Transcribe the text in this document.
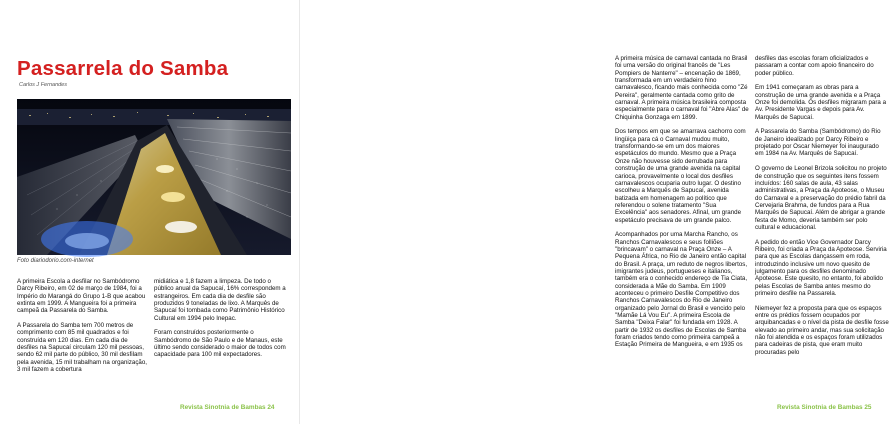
Passarrela do Samba
Carlos J Fernandes
Foto diariodorio.com-internet

A primeira Escola a desfilar no Sambódromo Darcy Ribeiro, em 02 de março de 1984, foi a Império do Marangá do Grupo 1-B que acabou extinta em 1999. A Mangueira foi a primeira campeã da Passarela do Samba.

A Passarela do Samba tem 700 metros de comprimento com 85 mil quadrados e foi construída em 120 dias. Em cada dia de desfiles na Sapucaí circulam 120 mil pessoas, sendo 62 mil parte do público, 30 mil desfilam pela avenida, 15 mil trabalham na organização, 3 mil fazem a cobertura

midiática e 1,8 fazem a limpeza. De todo o público anual da Sapucaí, 16% correspondem a estrangeiros. Em cada dia de desfile são produzidos 9 toneladas de lixo. A Marquês de Sapucaí foi tombada como Patrimônio Histórico Cultural em 1994 pelo Inepac.

Foram construídos posteriormente o Sambódromo de São Paulo e de Manaus, este último sendo considerado o maior de todos com capacidade para 100 mil expectadores.

Revista Sinotnia de Bambas 24

A primeira música de carnaval cantada no Brasil foi uma versão do original francês de "Les Pompiers de Nanterre" – encenação de 1869, transformada em um verdadeiro hino carnavalesco, ficando mais conhecida como "Zé Pereira", geralmente cantada como grito de carnaval. A primeira música brasileira composta especialmente para o carnaval foi "Abre Alas" de Chiquinha Gonzaga em 1899.

Dos tempos em que se amarrava cachorro com lingüiça para cá o Carnaval mudou muito, transformando-se em um dos maiores espetáculos do mundo. Mesmo que a Praça Onze não houvesse sido derrubada para construção de uma grande avenida na capital carioca, provavelmente o local dos desfiles carnavalescos ocuparia outro lugar. O destino escolheu a Marquês de Sapucaí, avenida batizada em homenagem ao político que referendou o solene tratamento "Sua Excelência" aos senadores. Afinal, um grande espetáculo precisava de um grande palco.

Acompanhados por uma Marcha Rancho, os Ranchos Carnavalescos e seus folliões "brincavam" o carnaval na Praça Onze – A Pequena África, no Rio de Janeiro então capital do Brasil. A praça, um reduto de negros libertos, imigrantes judeus, portugueses e italianos, também era o conhecido endereço de Tia Ciata, considerada a Mãe do Samba. Em 1909 aconteceu o primeiro Desfile Competitivo dos Ranchos Carnavalescos do Rio de Janeiro organizado pelo Jornal do Brasil e vencido pelo "Mamãe Lá Vou Eu". A primeira Escola de Samba "Deixa Falar" foi fundada em 1928. A partir de 1932 os desfiles de Escolas de Samba foram criados tendo como primeira campeã a Estação Primeira de Mangueira, e em 1935 os

desfiles das escolas foram oficializados e passaram a contar com apoio financeiro do poder público.

Em 1941 começaram as obras para a construção de uma grande avenida e a Praça Onze foi demolida. Os desfiles migraram para a Av. Presidente Vargas e depois para Av. Marquês de Sapucaí.

A Passarela do Samba (Sambódromo) do Rio de Janeiro idealizado por Darcy Ribeiro e projetado por Oscar Niemeyer foi inaugurado em 1984 na Av. Marquês de Sapucaí.

O governo de Leonel Brizola solicitou no projeto de construção que os seguintes itens fossem incluídos: 160 salas de aula, 43 salas administrativas, a Praça da Apoteose, o Museu do Carnaval e a preservação do prédio fabril da Cervejaria Brahma, de fundos para a Rua Marquês de Sapucaí. Além de abrigar a grande festa de Momo, deveria também ser polo cultural e educacional.

A pedido do então Vice Governador Darcy Ribeiro, foi criada a Praça da Apoteose. Serviria para que as Escolas dançassem em roda, introduzindo inclusive um novo quesito de julgamento para os desfiles denominado Apoteose. Este quesito, no entanto, foi abolido pelas Escolas de Samba antes mesmo do primeiro desfile na Passarela.

Niemeyer fez a proposta para que os espaços entre os prédios fossem ocupados por arquibancadas e o nível da pista de desfile fosse elevado ao primeiro andar, mas sua solicitação não foi atendida e os espaços foram utilizados para cadeiras de pista, que eram muito procuradas pelo

Revista Sinotnia de Bambas 25
